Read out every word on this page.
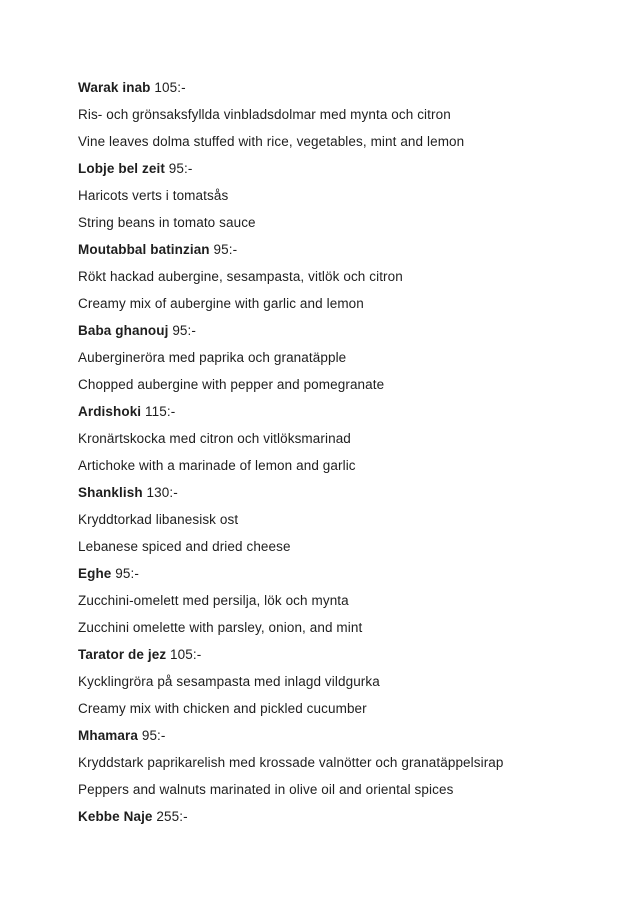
Warak inab 105:-

Ris- och grönsaksfyllda vinbladsdolmar med mynta och citron

Vine leaves dolma stuffed with rice, vegetables, mint and lemon

Lobje bel zeit 95:-

Haricots verts i tomatsås

String beans in tomato sauce

Moutabbal batinzian 95:-

Rökt hackad aubergine, sesampasta, vitlök och citron

Creamy mix of aubergine with garlic and lemon

Baba ghanouj 95:-

Aubergineröra med paprika och granatäpple

Chopped aubergine with pepper and pomegranate

Ardishoki 115:-

Kronärtskocka med citron och vitlöksmarinad

Artichoke with a marinade of lemon and garlic

Shanklish 130:-

Kryddtorkad libanesisk ost

Lebanese spiced and dried cheese

Eghe 95:-

Zucchini-omelett med persilja, lök och mynta

Zucchini omelette with parsley, onion, and mint

Tarator de jez 105:-

Kycklingröra på sesampasta med inlagd vildgurka

Creamy mix with chicken and pickled cucumber

Mhamara 95:-

Kryddstark paprikarelish med krossade valnötter och granatäppelsirap

Peppers and walnuts marinated in olive oil and oriental spices

Kebbe Naje 255:-
